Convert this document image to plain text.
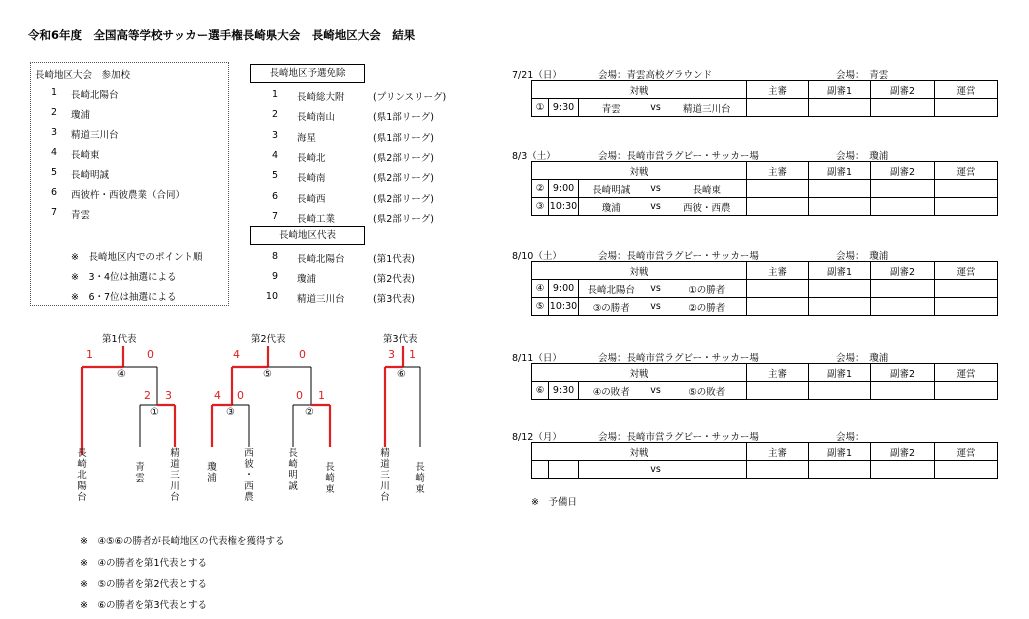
令和6年度　全国高等学校サッカー選手権長崎県大会　長崎地区大会　結果
長崎地区大会　参加校
※　長崎地区内でのポイント順
※　3・4位は抽選による
※　6・7位は抽選による
1 長崎北陽台
2 瓊浦
3 精道三川台
4 長崎東
5 長崎明誠
6 西彼杵・西彼農業（合同）
7 青雲
長崎地区予選免除
長崎地区代表
※　④⑤⑥の勝者が長崎地区の代表権を獲得する
※　④の勝者を第1代表とする
※　⑤の勝者を第2代表とする
※　⑥の勝者を第3代表とする
1 長崎総大附	(プリンスリーグ)
2 長崎南山	(県1部リーグ)
3 海星	(県1部リーグ)
4 長崎北	(県2部リーグ)
5 長崎南	(県2部リーグ)
6 長崎西	(県2部リーグ)
7 長崎工業	(県2部リーグ)
8 長崎北陽台	(第1代表)
9 瓊浦	(第2代表)
10 精道三川台	(第3代表)
7/21（日）	会場：青雲高校グラウンド	会場：　青雲
対戦					主審	副審1	副審2	運営
①	9:30	青雲	vs	精道三川台				
8/3（土）	会場：長崎市営ラグビー・サッカー場	会場：　瓊浦
対戦					主審	副審1	副審2	運営
②	9:00	長崎明誠	vs	長崎東				
③	10:30	瓊浦	vs	西彼・西農				
8/10（土）	会場：長崎市営ラグビー・サッカー場	会場：　瓊浦
対戦					主審	副審1	副審2	運営
④	9:00	長崎北陽台	vs	①の勝者				
⑤	10:30	③の勝者	vs	②の勝者				
8/11（日）	会場：長崎市営ラグビー・サッカー場	会場：　瓊浦
対戦					主審	副審1	副審2	運営
⑥	9:30	④の敗者	vs	⑤の敗者				
8/12（月）	会場：長崎市営ラグビー・サッカー場	会場：
対戦					主審	副審1	副審2	運営
			vs					
※　予備日
第1代表	第2代表	第3代表
1	0
2 3
4	0
4 0	0 1
3 1
④
①
⑤
③	②
⑥
長
崎
北
陽
台
青
雲
精
道
三
川
台
瓊
浦
西
彼
・
西
農
長
崎
明
誠
長
崎
東
精
道
三
川
台
長
崎
東
